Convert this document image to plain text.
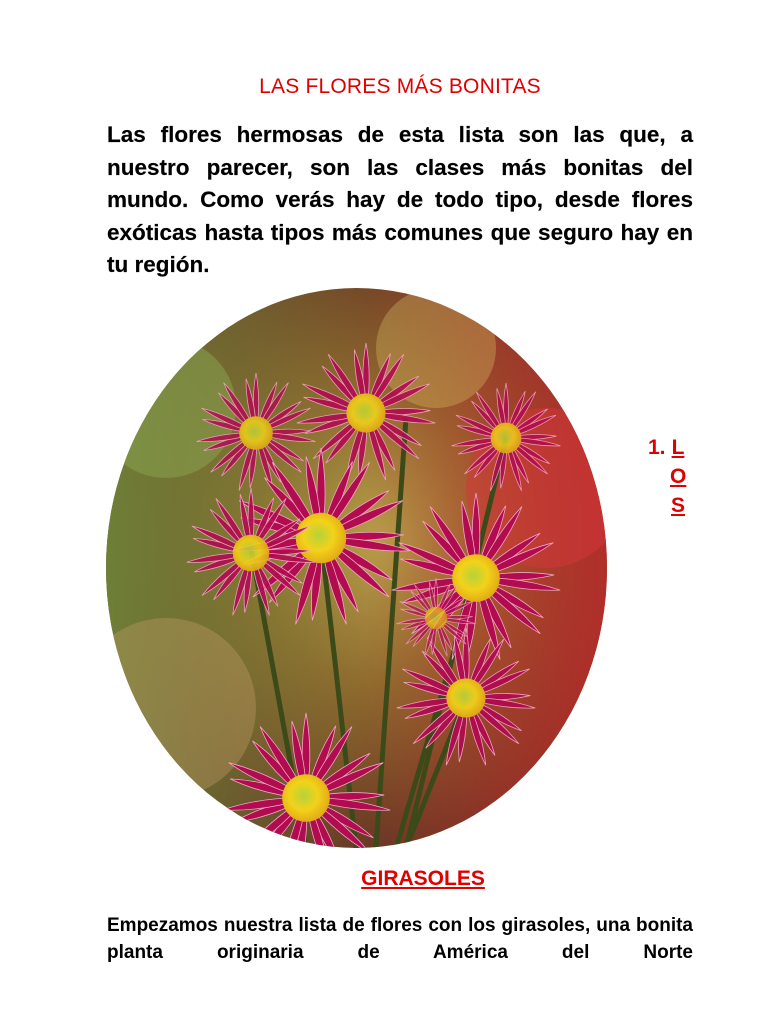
LAS FLORES MÁS BONITAS
Las flores hermosas de esta lista son las que, a nuestro parecer, son las clases más bonitas del mundo. Como verás hay de todo tipo, desde flores exóticas hasta tipos más comunes que seguro hay en tu región.
1. L
O
S
GIRASOLES
Empezamos nuestra lista de flores con los girasoles, una bonita planta originaria de América del Norte
